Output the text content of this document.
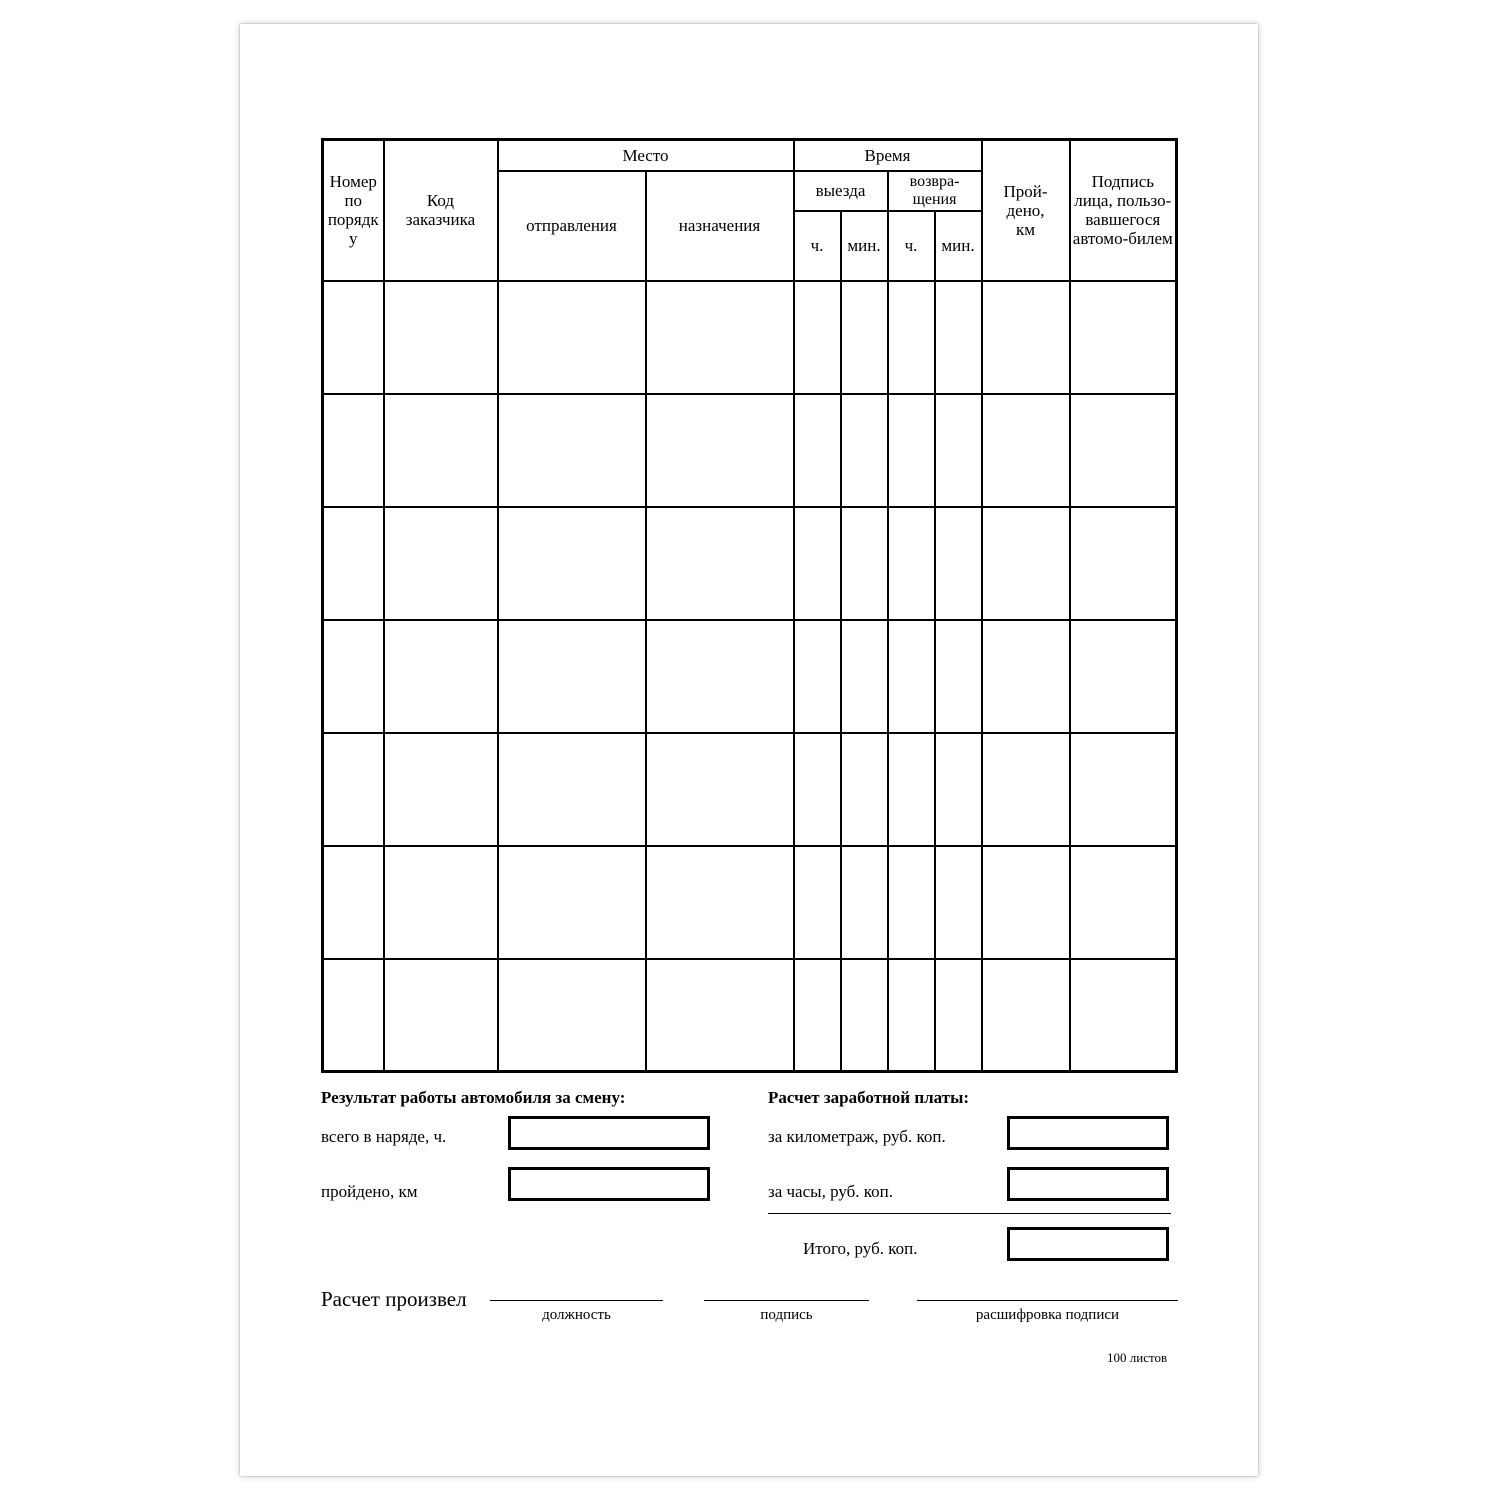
Номер по порядку	Код заказчика	Место		Время				Прой-дено, км	Подпись лица, пользо-вавшегося автомо-билем
		отправления	назначения	выезда		возвра-щения			
				ч.	мин.	ч.	мин.		

Результат работы автомобиля за смену:
всего в наряде, ч.
пройдено, км
Расчет заработной платы:
за километраж, руб. коп.
за часы, руб. коп.
Итого, руб. коп.
Расчет произвел
должность	подпись	расшифровка подписи
100 листов
